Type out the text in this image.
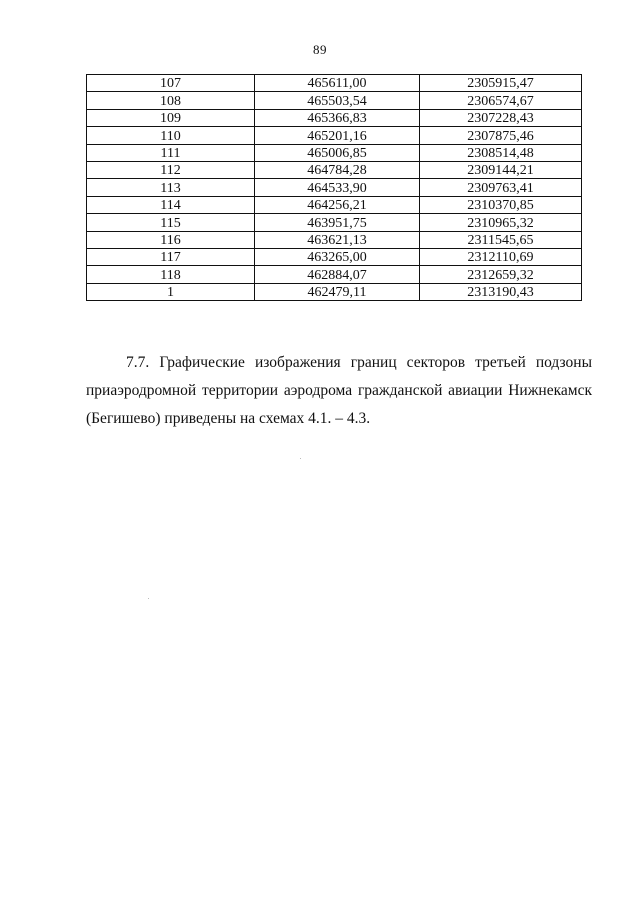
89
107	465611,00	2305915,47
108	465503,54	2306574,67
109	465366,83	2307228,43
110	465201,16	2307875,46
111	465006,85	2308514,48
112	464784,28	2309144,21
113	464533,90	2309763,41
114	464256,21	2310370,85
115	463951,75	2310965,32
116	463621,13	2311545,65
117	463265,00	2312110,69
118	462884,07	2312659,32
1	462479,11	2313190,43

7.7. Графические изображения границ секторов третьей подзоны приаэродромной территории аэродрома гражданской авиации Нижнекамск (Бегишево) приведены на схемах 4.1. – 4.3.
